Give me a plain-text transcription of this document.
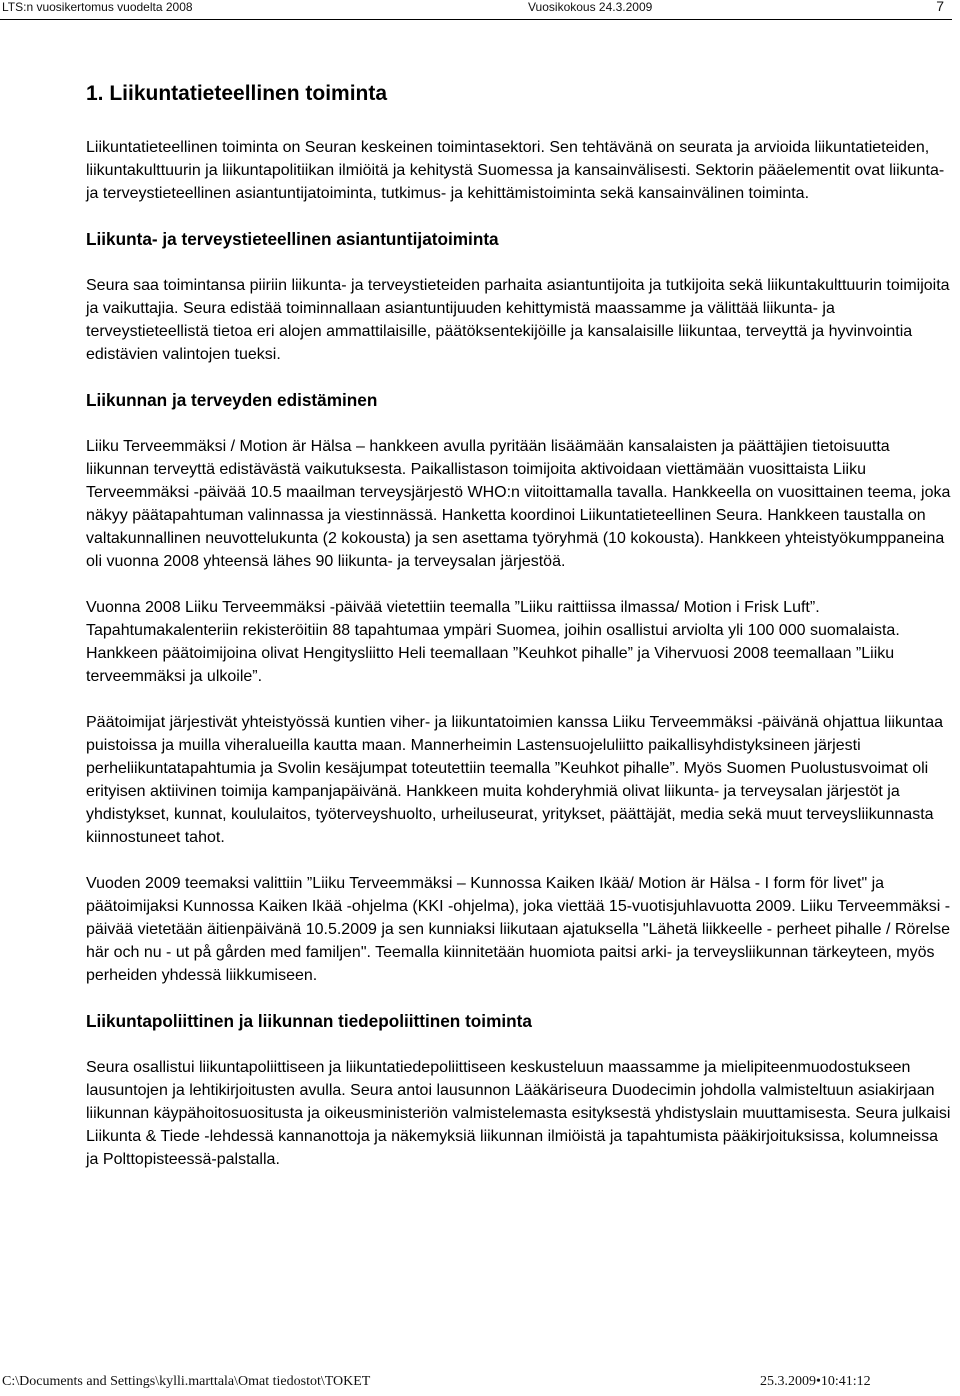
LTS:n vuosikertomus vuodelta 2008	Vuosikokous 24.3.2009	7
1. Liikuntatieteellinen toiminta

Liikuntatieteellinen toiminta on Seuran keskeinen toimintasektori. Sen tehtävänä on seurata ja arvioida liikuntatieteiden, liikuntakulttuurin ja liikuntapolitiikan ilmiöitä ja kehitystä Suomessa ja kansainvälisesti. Sektorin pääelementit ovat liikunta- ja terveystieteellinen asiantuntijatoiminta, tutkimus- ja kehittämistoiminta sekä kansainvälinen toiminta.

Liikunta- ja terveystieteellinen asiantuntijatoiminta

Seura saa toimintansa piiriin liikunta- ja terveystieteiden parhaita asiantuntijoita ja tutkijoita sekä liikuntakulttuurin toimijoita ja vaikuttajia. Seura edistää toiminnallaan asiantuntijuuden kehittymistä maassamme ja välittää liikunta- ja terveystieteellistä tietoa eri alojen ammattilaisille, päätöksentekijöille ja kansalaisille liikuntaa, terveyttä ja hyvinvointia edistävien valintojen tueksi.

Liikunnan ja terveyden edistäminen

Liiku Terveemmäksi / Motion är Hälsa – hankkeen avulla pyritään lisäämään kansalaisten ja päättäjien tietoisuutta liikunnan terveyttä edistävästä vaikutuksesta. Paikallistason toimijoita aktivoidaan viettämään vuosittaista Liiku Terveemmäksi -päivää 10.5 maailman terveysjärjestö WHO:n viitoittamalla tavalla. Hankkeella on vuosittainen teema, joka näkyy päätapahtuman valinnassa ja viestinnässä. Hanketta koordinoi Liikuntatieteellinen Seura. Hankkeen taustalla on valtakunnallinen neuvottelukunta (2 kokousta) ja sen asettama työryhmä (10 kokousta). Hankkeen yhteistyökumppaneina oli vuonna 2008 yhteensä lähes 90 liikunta- ja terveysalan järjestöä.

Vuonna 2008 Liiku Terveemmäksi -päivää vietettiin teemalla ”Liiku raittiissa ilmassa/ Motion i Frisk Luft”. Tapahtumakalenteriin rekisteröitiin 88 tapahtumaa ympäri Suomea, joihin osallistui arviolta yli 100 000 suomalaista. Hankkeen päätoimijoina olivat Hengitysliitto Heli teemallaan ”Keuhkot pihalle” ja Vihervuosi 2008 teemallaan ”Liiku terveemmäksi ja ulkoile”.

Päätoimijat järjestivät yhteistyössä kuntien viher- ja liikuntatoimien kanssa Liiku Terveemmäksi -päivänä ohjattua liikuntaa puistoissa ja muilla viheralueilla kautta maan. Mannerheimin Lastensuojeluliitto paikallisyhdistyksineen järjesti perheliikuntatapahtumia ja Svolin kesäjumpat toteutettiin teemalla ”Keuhkot pihalle”. Myös Suomen Puolustusvoimat oli erityisen aktiivinen toimija kampanjapäivänä. Hankkeen muita kohderyhmiä olivat liikunta- ja terveysalan järjestöt ja yhdistykset, kunnat, koululaitos, työterveyshuolto, urheiluseurat, yritykset, päättäjät, media sekä muut terveysliikunnasta kiinnostuneet tahot.

Vuoden 2009 teemaksi valittiin ”Liiku Terveemmäksi – Kunnossa Kaiken Ikää/ Motion är Hälsa - I form för livet" ja päätoimijaksi Kunnossa Kaiken Ikää -ohjelma (KKI -ohjelma), joka viettää 15-vuotisjuhlavuotta 2009. Liiku Terveemmäksi -päivää vietetään äitienpäivänä 10.5.2009 ja sen kunniaksi liikutaan ajatuksella "Lähetä liikkeelle - perheet pihalle / Rörelse här och nu - ut på gården med familjen". Teemalla kiinnitetään huomiota paitsi arki- ja terveysliikunnan tärkeyteen, myös perheiden yhdessä liikkumiseen.

Liikuntapoliittinen ja liikunnan tiedepoliittinen toiminta

Seura osallistui liikuntapoliittiseen ja liikuntatiedepoliittiseen keskusteluun maassamme ja mielipiteenmuodostukseen lausuntojen ja lehtikirjoitusten avulla. Seura antoi lausunnon Lääkäriseura Duodecimin johdolla valmisteltuun asiakirjaan liikunnan käypähoitosuositusta ja oikeusministeriön valmistelemasta esityksestä yhdistyslain muuttamisesta. Seura julkaisi Liikunta & Tiede -lehdessä kannanottoja ja näkemyksiä liikunnan ilmiöistä ja tapahtumista pääkirjoituksissa, kolumneissa ja Polttopisteessä-palstalla.

C:\Documents and Settings\kylli.marttala\Omat tiedostot\TOKET	25.3.2009•10:41:12
